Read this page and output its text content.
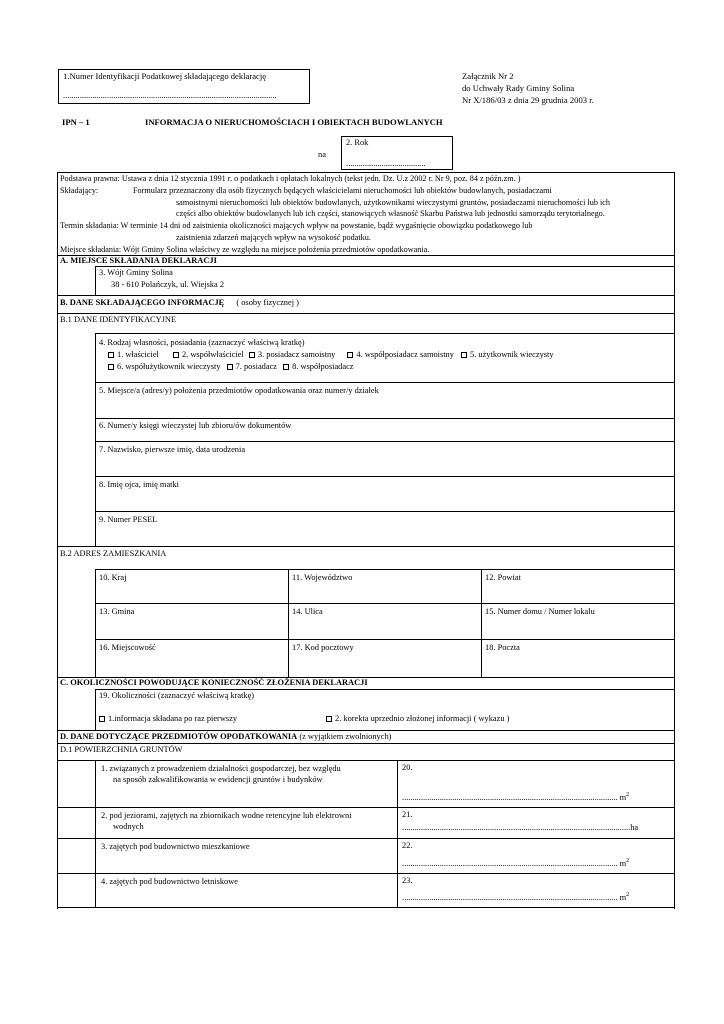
1.Numer Identyfikacji Podatkowej składającego deklarację
......................................................................................................
Załącznik Nr 2
do Uchwały Rady Gminy Solina
Nr X/186/03 z dnia 29 grudnia 2003 r.
IPN – 1	INFORMACJA O NIERUCHOMOŚCIACH I OBIEKTACH BUDOWLANYCH
na
2. Rok
......................................
Podstawa prawna: Ustawa z dnia 12 stycznia 1991 r. o podatkach i opłatach lokalnych (tekst jedn. Dz. U.z 2002 r. Nr 9, poz. 84 z późn.zm. )
Składający:	Formularz przeznaczony dla osób fizycznych będących właścicielami nieruchomości lub obiektów budowlanych, posiadaczami
samoistnymi nieruchomości lub obiektów budowlanych, użytkownikami wieczystymi gruntów, posiadaczami nieruchomości lub ich
części albo obiektów budowlanych lub ich części, stanowiących własność Skarbu Państwa lub jednostki samorządu terytorialnego.
Termin składania: W terminie 14 dni od zaistnienia okoliczności mających wpływ na powstanie, bądź wygaśnięcie obowiązku podatkowego lub
zaistnienia zdarzeń mających wpływ na wysokość podatku.
Miejsce składania: Wójt Gminy Solina właściwy ze względu na miejsce położenia przedmiotów opodatkowania.
A. MIEJSCE SKŁADANIA DEKLARACJI
3. Wójt Gminy Solina
38 - 610 Polańczyk, ul. Wiejska 2
B. DANE SKŁADAJĄCEGO INFORMACJĘ ( osoby fizycznej )
B.1 DANE IDENTYFIKACYJNE
4. Rodzaj własności, posiadania (zaznaczyć właściwą kratkę)
1. właściciel	2. współwłaściciel 3. posiadacz samoistny	4. współposiadacz samoistny 5. użytkownik wieczysty
6. współużytkownik wieczysty 7. posiadacz 8. współposiadacz
5. Miejsce/a (adres/y) położenia przedmiotów opodatkowania oraz numer/y działek
6. Numer/y księgi wieczystej lub zbioru/ów dokumentów
7. Nazwisko, pierwsze imię, data urodzenia
8. Imię ojca, imię matki
9. Numer PESEL
B.2 ADRES ZAMIESZKANIA
10. Kraj	11. Województwo	12. Powiat
13. Gmina	14. Ulica	15. Numer domu / Numer lokalu
16. Miejscowość	17. Kod pocztowy	18. Poczta
C. OKOLICZNOŚCI POWODUJĄCE KONIECZNOŚĆ ZŁOŻENIA DEKLARACJI
19. Okoliczności (zaznaczyć właściwą kratkę)
1.informacja składana po raz pierwszy	2. korekta uprzednio złożonej informacji ( wykazu )
D. DANE DOTYCZĄCE PRZEDMIOTÓW OPODATKOWANIA (z wyjątkiem zwolnionych)
D.1 POWIERZCHNIA GRUNTÓW
1. związanych z prowadzeniem działalności gospodarczej, bez względu
na sposób zakwalifikowania w ewidencji gruntów i budynków
20.
....................................................................................................... $m^2$
2. pod jeziorami, zajętych na zbiornikach wodne retencyjne lub elektrowni
wodnych
21.
.............................................................................................................ha
3. zajętych pod budownictwo mieszkaniowe	22.
....................................................................................................... $m^2$
4. zajętych pod budownictwo letniskowe	23.
....................................................................................................... $m^2$
